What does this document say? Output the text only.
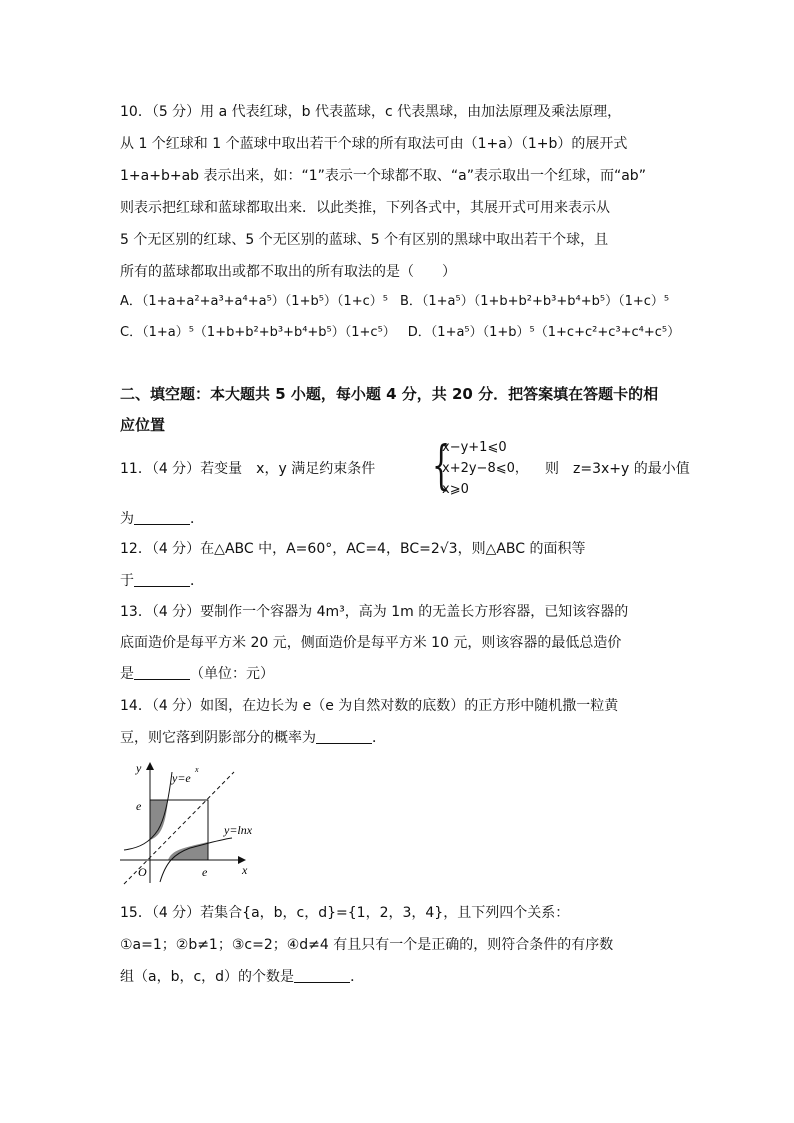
10．（5 分）用 a 代表红球，b 代表蓝球，c 代表黑球，由加法原理及乘法原理，
从 1 个红球和 1 个蓝球中取出若干个球的所有取法可由（1+a）（1+b）的展开式
1+a+b+ab 表示出来，如：“1”表示一个球都不取、“a”表示取出一个红球，而“ab”
则表示把红球和蓝球都取出来．以此类推，下列各式中，其展开式可用来表示从
5 个无区别的红球、5 个无区别的蓝球、5 个有区别的黑球中取出若干个球，且
所有的蓝球都取出或都不取出的所有取法的是（　　）
A．（1+a+a²+a³+a⁴+a⁵）（1+b⁵）（1+c）⁵ B．（1+a⁵）（1+b+b²+b³+b⁴+b⁵）（1+c）⁵
C．（1+a）⁵（1+b+b²+b³+b⁴+b⁵）（1+c⁵） D．（1+a⁵）（1+b）⁵（1+c+c²+c³+c⁴+c⁵）
二、填空题：本大题共 5 小题，每小题 4 分，共 20 分．把答案填在答题卡的相
应位置
11．（4 分）若变量　x，y 满足约束条件 {
x−y+1⩽0
x+2y−8⩽0，
x⩾0
则　z=3x+y 的最小值
为	．
12．（4 分）在△ABC 中，A=60°，AC=4，BC=2√3，则△ABC 的面积等
于	．
13．（4 分）要制作一个容器为 4m³，高为 1m 的无盖长方形容器，已知该容器的
底面造价是每平方米 20 元，侧面造价是每平方米 10 元，则该容器的最低总造价
是	（单位：元）
14．（4 分）如图，在边长为 e（e 为自然对数的底数）的正方形中随机撒一粒黄
豆，则它落到阴影部分的概率为	．
y
x
O
e
e
y=e
x
y=lnx
15．（4 分）若集合{a，b，c，d}={1，2，3，4}，且下列四个关系：
①a=1；②b≠1；③c=2；④d≠4 有且只有一个是正确的，则符合条件的有序数
组（a，b，c，d）的个数是	．
